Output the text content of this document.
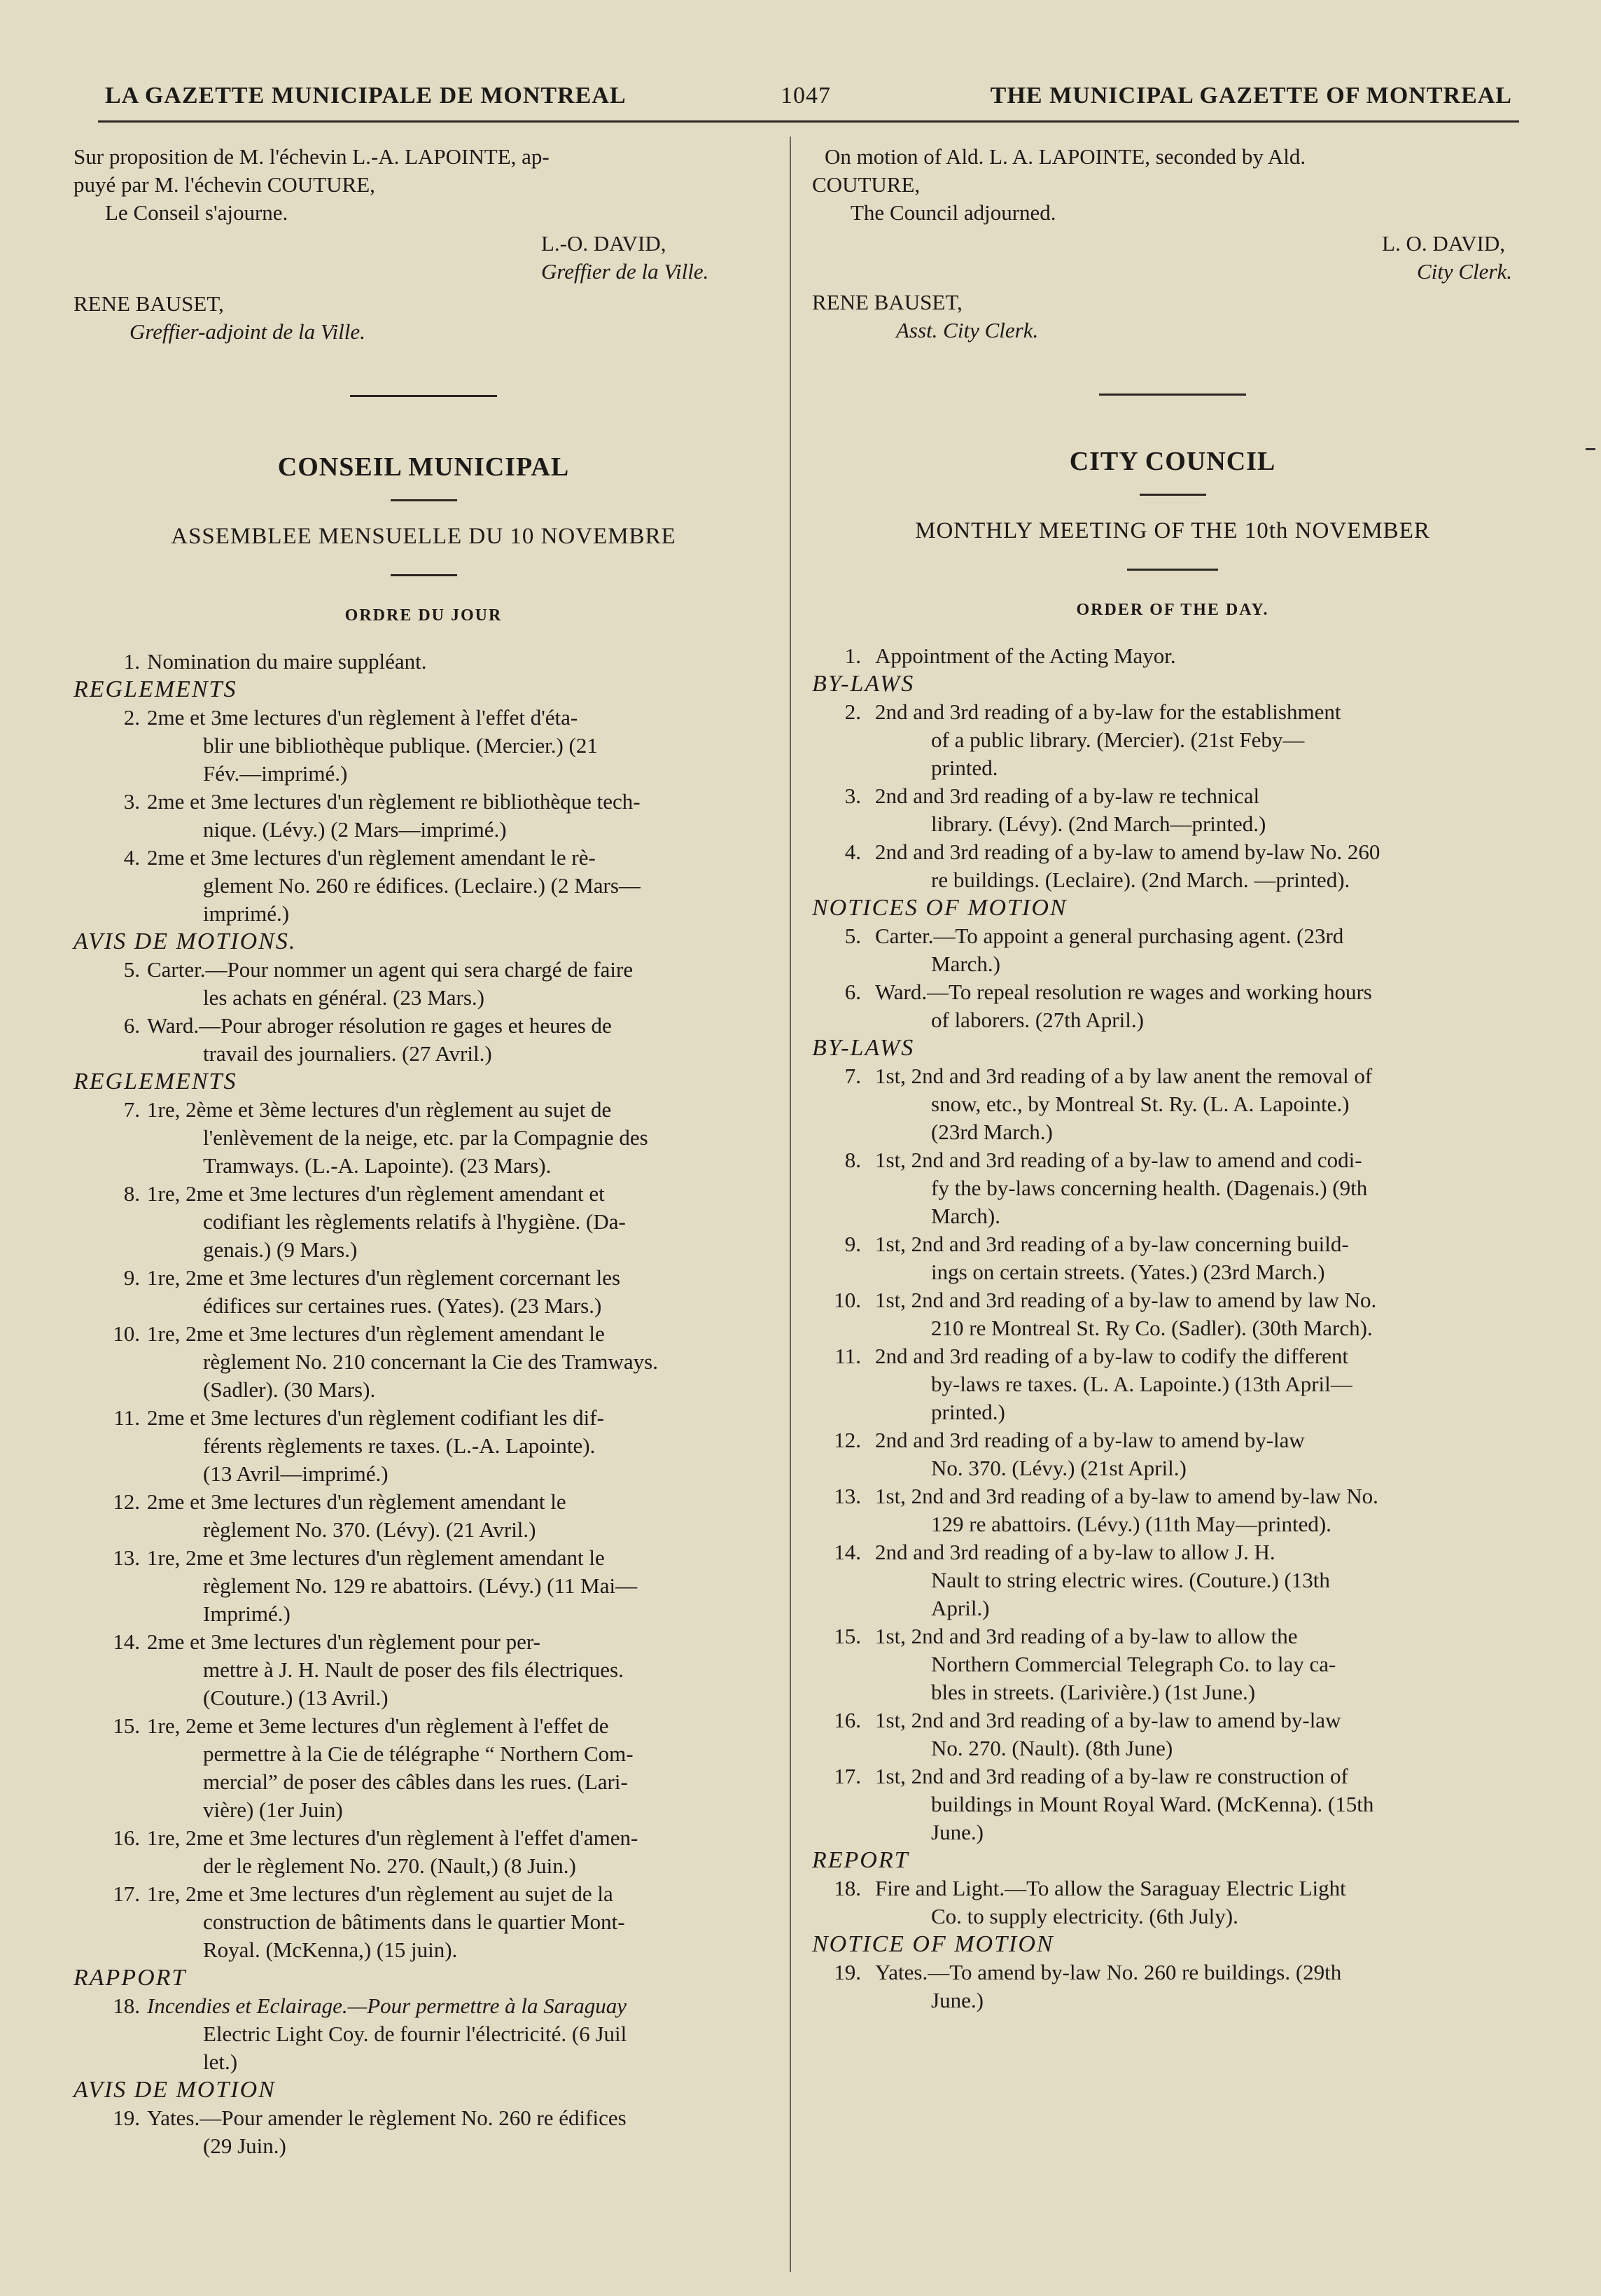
LA GAZETTE MUNICIPALE DE MONTREAL	1047	THE MUNICIPAL GAZETTE OF MONTREAL

Sur proposition de M. l'échevin L.-A. LAPOINTE, ap-

puyé par M. l'échevin COUTURE,

Le Conseil s'ajourne.

L.-O. DAVID,

Greffier de la Ville.

RENE BAUSET,

Greffier-adjoint de la Ville.

CONSEIL MUNICIPAL

ASSEMBLEE MENSUELLE DU 10 NOVEMBRE

ORDRE DU JOUR

1. Nomination du maire suppléant.

REGLEMENTS

2. 2me et 3me lectures d'un règlement à l'effet d'éta-
blir une bibliothèque publique. (Mercier.) (21
Fév.—imprimé.)
3. 2me et 3me lectures d'un règlement re bibliothèque tech-
nique. (Lévy.) (2 Mars—imprimé.)
4. 2me et 3me lectures d'un règlement amendant le rè-
glement No. 260 re édifices. (Leclaire.) (2 Mars—
imprimé.)

AVIS DE MOTIONS.

5. Carter.—Pour nommer un agent qui sera chargé de faire
les achats en général. (23 Mars.)
6. Ward.—Pour abroger résolution re gages et heures de
travail des journaliers. (27 Avril.)

REGLEMENTS

7. 1re, 2ème et 3ème lectures d'un règlement au sujet de
l'enlèvement de la neige, etc. par la Compagnie des
Tramways. (L.-A. Lapointe). (23 Mars).
8. 1re, 2me et 3me lectures d'un règlement amendant et
codifiant les règlements relatifs à l'hygiène. (Da-
genais.) (9 Mars.)
9. 1re, 2me et 3me lectures d'un règlement corcernant les
édifices sur certaines rues. (Yates). (23 Mars.)
10. 1re, 2me et 3me lectures d'un règlement amendant le
règlement No. 210 concernant la Cie des Tramways.
(Sadler). (30 Mars).
11. 2me et 3me lectures d'un règlement codifiant les dif-
férents règlements re taxes. (L.-A. Lapointe).
(13 Avril—imprimé.)
12. 2me et 3me lectures d'un règlement amendant le
règlement No. 370. (Lévy). (21 Avril.)
13. 1re, 2me et 3me lectures d'un règlement amendant le
règlement No. 129 re abattoirs. (Lévy.) (11 Mai—
Imprimé.)
14. 2me et 3me lectures d'un règlement pour per-
mettre à J. H. Nault de poser des fils électriques.
(Couture.) (13 Avril.)
15. 1re, 2eme et 3eme lectures d'un règlement à l'effet de
permettre à la Cie de télégraphe “ Northern Com-
mercial” de poser des câbles dans les rues. (Lari-
vière) (1er Juin)
16. 1re, 2me et 3me lectures d'un règlement à l'effet d'amen-
der le règlement No. 270. (Nault,) (8 Juin.)
17. 1re, 2me et 3me lectures d'un règlement au sujet de la
construction de bâtiments dans le quartier Mont-
Royal. (McKenna,) (15 juin).

RAPPORT

18. Incendies et Eclairage.—Pour permettre à la Saraguay
Electric Light Coy. de fournir l'électricité. (6 Juil
let.)

AVIS DE MOTION

19. Yates.—Pour amender le règlement No. 260 re édifices
(29 Juin.)

On motion of Ald. L. A. LAPOINTE, seconded by Ald.

COUTURE,

The Council adjourned.

L. O. DAVID,

City Clerk.

RENE BAUSET,

Asst. City Clerk.

CITY COUNCIL

MONTHLY MEETING OF THE 10th NOVEMBER

ORDER OF THE DAY.

1. Appointment of the Acting Mayor.

BY-LAWS

2. 2nd and 3rd reading of a by-law for the establishment
of a public library. (Mercier). (21st Feby—
printed.
3. 2nd and 3rd reading of a by-law re technical
library. (Lévy). (2nd March—printed.)
4. 2nd and 3rd reading of a by-law to amend by-law No. 260
re buildings. (Leclaire). (2nd March. —printed).

NOTICES OF MOTION

5. Carter.—To appoint a general purchasing agent. (23rd
March.)
6. Ward.—To repeal resolution re wages and working hours
of laborers. (27th April.)

BY-LAWS

7. 1st, 2nd and 3rd reading of a by law anent the removal of
snow, etc., by Montreal St. Ry. (L. A. Lapointe.)
(23rd March.)
8. 1st, 2nd and 3rd reading of a by-law to amend and codi-
fy the by-laws concerning health. (Dagenais.) (9th
March).
9. 1st, 2nd and 3rd reading of a by-law concerning build-
ings on certain streets. (Yates.) (23rd March.)
10. 1st, 2nd and 3rd reading of a by-law to amend by law No.
210 re Montreal St. Ry Co. (Sadler). (30th March).
11. 2nd and 3rd reading of a by-law to codify the different
by-laws re taxes. (L. A. Lapointe.) (13th April—
printed.)
12. 2nd and 3rd reading of a by-law to amend by-law
No. 370. (Lévy.) (21st April.)
13. 1st, 2nd and 3rd reading of a by-law to amend by-law No.
129 re abattoirs. (Lévy.) (11th May—printed).
14. 2nd and 3rd reading of a by-law to allow J. H.
Nault to string electric wires. (Couture.) (13th
April.)
15. 1st, 2nd and 3rd reading of a by-law to allow the
Northern Commercial Telegraph Co. to lay ca-
bles in streets. (Larivière.) (1st June.)
16. 1st, 2nd and 3rd reading of a by-law to amend by-law
No. 270. (Nault). (8th June)
17. 1st, 2nd and 3rd reading of a by-law re construction of
buildings in Mount Royal Ward. (McKenna). (15th
June.)

REPORT

18. Fire and Light.—To allow the Saraguay Electric Light
Co. to supply electricity. (6th July).

NOTICE OF MOTION

19. Yates.—To amend by-law No. 260 re buildings. (29th
June.)
